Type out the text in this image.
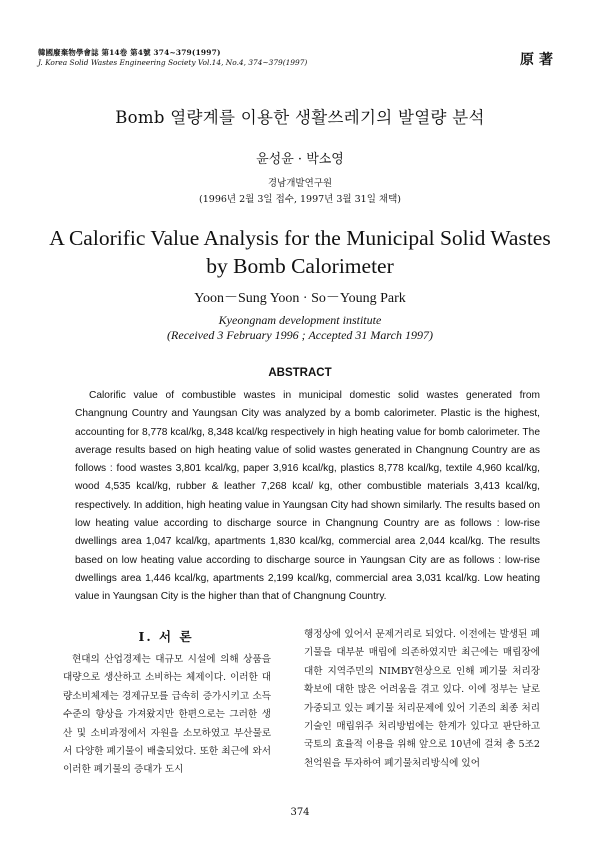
韓國廢棄物學會誌 第14卷 第4號 374~379(1997)
J. Korea Solid Wastes Engineering Society Vol.14, No.4, 374~379(1997)	原著
Bomb 열량계를 이용한 생활쓰레기의 발열량 분석
윤성윤 · 박소영
경남개발연구원
(1996년 2월 3일 접수, 1997년 3월 31일 채택)
A Calorific Value Analysis for the Municipal Solid Wastes
by Bomb Calorimeter
Yoon－Sung Yoon · So－Young Park
Kyeongnam development institute
(Received 3 February 1996 ; Accepted 31 March 1997)
ABSTRACT
Calorific value of combustible wastes in municipal domestic solid wastes generated from Changnung Country and Yaungsan City was analyzed by a bomb calorimeter. Plastic is the highest, accounting for 8,778 kcal/kg, 8,348 kcal/kg respectively in high heating value for bomb calorimeter. The average results based on high heating value of solid wastes generated in Changnung Country are as follows : food wastes 3,801 kcal/kg, paper 3,916 kcal/kg, plastics 8,778 kcal/kg, textile 4,960 kcal/kg, wood 4,535 kcal/kg, rubber & leather 7,268 kcal/ kg, other combustible materials 3,413 kcal/kg, respectively. In addition, high heating value in Yaungsan City had shown similarly. The results based on low heating value according to discharge source in Changnung Country are as follows : low-rise dwellings area 1,047 kcal/kg, apartments 1,830 kcal/kg, commercial area 2,044 kcal/kg. The results based on low heating value according to discharge source in Yaungsan City are as follows : low-rise dwellings area 1,446 kcal/kg, apartments 2,199 kcal/kg, commercial area 3,031 kcal/kg. Low heating value in Yaungsan City is the higher than that of Changnung Country.
Ⅰ. 서 론
현대의 산업경제는 대규모 시설에 의해 상품을 대량으로 생산하고 소비하는 체제이다. 이러한 대량소비체제는 경제규모를 급속히 증가시키고 소득수준의 향상을 가져왔지만 한편으로는 그러한 생산 및 소비과정에서 자원을 소모하였고 부산물로서 다양한 폐기물이 배출되었다. 또한 최근에 와서 이러한 폐기물의 증대가 도시
행정상에 있어서 문제거리로 되었다. 이전에는 발생된 폐기물을 대부분 매립에 의존하였지만 최근에는 매립장에 대한 지역주민의 NIMBY현상으로 인해 폐기물 처리장 확보에 대한 많은 어려움을 겪고 있다. 이에 정부는 날로 가중되고 있는 폐기물 처리문제에 있어 기존의 최종 처리기술인 매립위주 처리방법에는 한계가 있다고 판단하고 국토의 효율적 이용을 위해 앞으로 10년에 걸쳐 총 5조2천억원을 투자하여 폐기물처리방식에 있어
374
